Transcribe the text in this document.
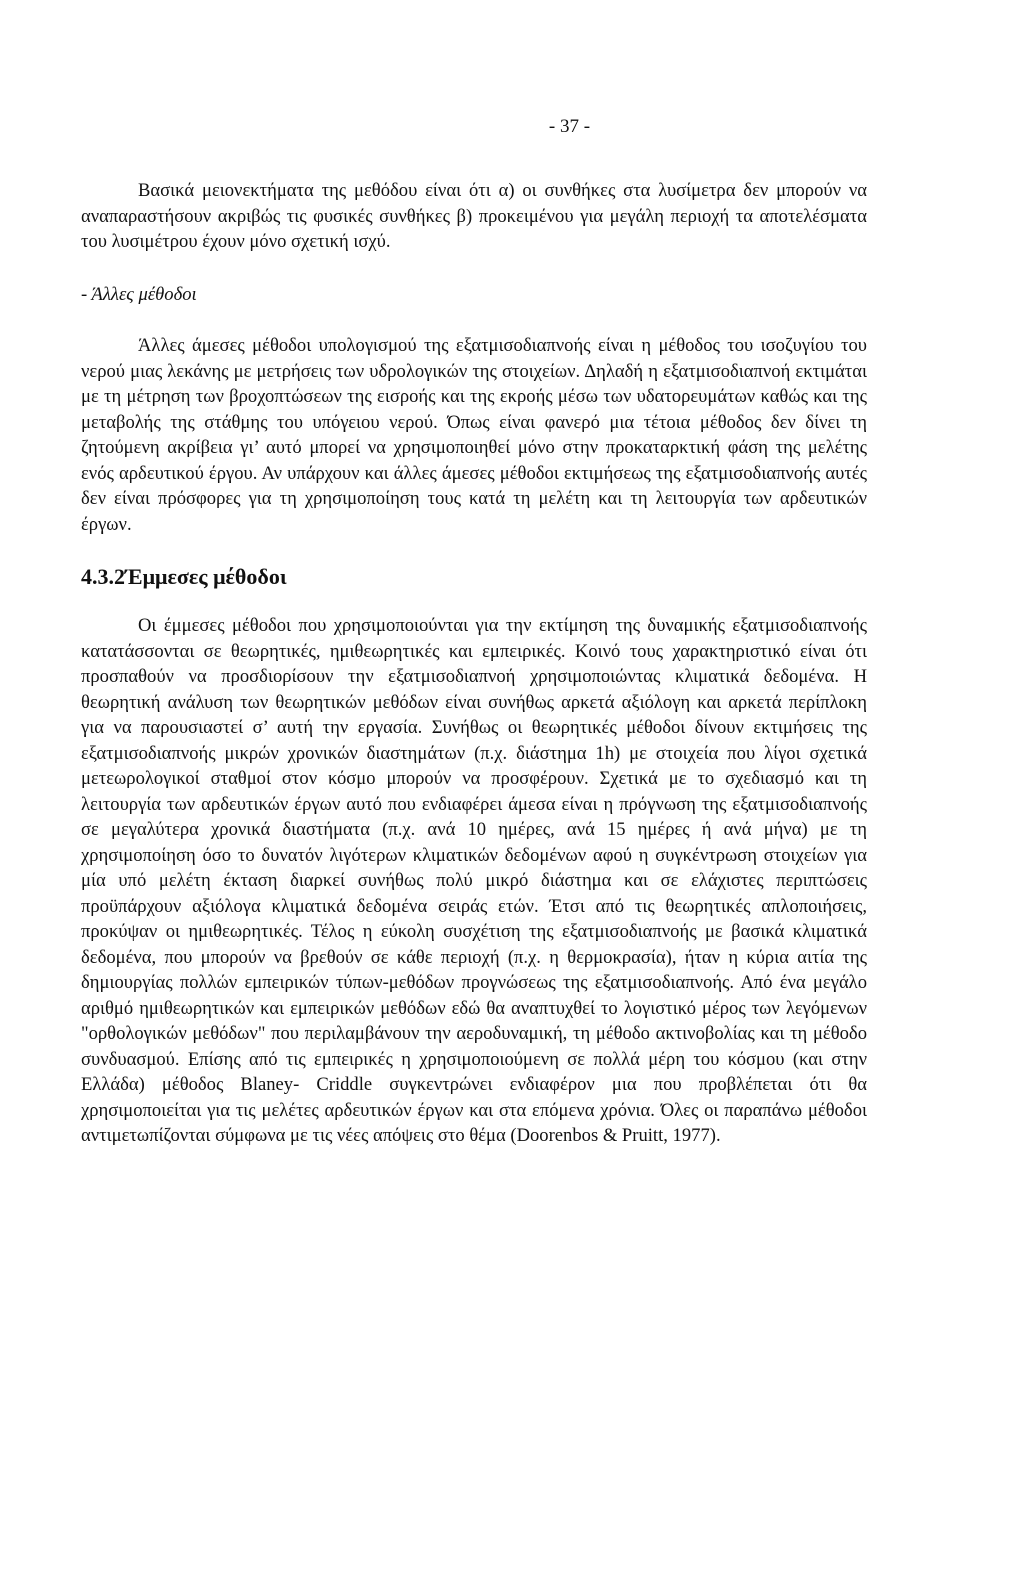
- 37 -

Βασικά μειονεκτήματα της μεθόδου είναι ότι α) οι συνθήκες στα λυσίμετρα δεν μπορούν να αναπαραστήσουν ακριβώς τις φυσικές συνθήκες β) προκειμένου για μεγάλη περιοχή τα αποτελέσματα του λυσιμέτρου έχουν μόνο σχετική ισχύ.

- Άλλες μέθοδοι

Άλλες άμεσες μέθοδοι υπολογισμού της εξατμισοδιαπνοής είναι η μέθοδος του ισοζυγίου του νερού μιας λεκάνης με μετρήσεις των υδρολογικών της στοιχείων. Δηλαδή η εξατμισοδιαπνοή εκτιμάται με τη μέτρηση των βροχοπτώσεων της εισροής και της εκροής μέσω των υδατορευμάτων καθώς και της μεταβολής της στάθμης του υπόγειου νερού. Όπως είναι φανερό μια τέτοια μέθοδος δεν δίνει τη ζητούμενη ακρίβεια γι’ αυτό μπορεί να χρησιμοποιηθεί μόνο στην προκαταρκτική φάση της μελέτης ενός αρδευτικού έργου. Αν υπάρχουν και άλλες άμεσες μέθοδοι εκτιμήσεως της εξατμισοδιαπνοής αυτές δεν είναι πρόσφορες για τη χρησιμοποίηση τους κατά τη μελέτη και τη λειτουργία των αρδευτικών έργων.

4.3.2Έμμεσες μέθοδοι

Οι έμμεσες μέθοδοι που χρησιμοποιούνται για την εκτίμηση της δυναμικής εξατμισοδιαπνοής κατατάσσονται σε θεωρητικές, ημιθεωρητικές και εμπειρικές. Κοινό τους χαρακτηριστικό είναι ότι προσπαθούν να προσδιορίσουν την εξατμισοδιαπνοή χρησιμοποιώντας κλιματικά δεδομένα. Η θεωρητική ανάλυση των θεωρητικών μεθόδων είναι συνήθως αρκετά αξιόλογη και αρκετά περίπλοκη για να παρουσιαστεί σ’ αυτή την εργασία. Συνήθως οι θεωρητικές μέθοδοι δίνουν εκτιμήσεις της εξατμισοδιαπνοής μικρών χρονικών διαστημάτων (π.χ. διάστημα 1h) με στοιχεία που λίγοι σχετικά μετεωρολογικοί σταθμοί στον κόσμο μπορούν να προσφέρουν. Σχετικά με το σχεδιασμό και τη λειτουργία των αρδευτικών έργων αυτό που ενδιαφέρει άμεσα είναι η πρόγνωση της εξατμισοδιαπνοής σε μεγαλύτερα χρονικά διαστήματα (π.χ. ανά 10 ημέρες, ανά 15 ημέρες ή ανά μήνα) με τη χρησιμοποίηση όσο το δυνατόν λιγότερων κλιματικών δεδομένων αφού η συγκέντρωση στοιχείων για μία υπό μελέτη έκταση διαρκεί συνήθως πολύ μικρό διάστημα και σε ελάχιστες περιπτώσεις προϋπάρχουν αξιόλογα κλιματικά δεδομένα σειράς ετών. Έτσι από τις θεωρητικές απλοποιήσεις, προκύψαν οι ημιθεωρητικές. Τέλος η εύκολη συσχέτιση της εξατμισοδιαπνοής με βασικά κλιματικά δεδομένα, που μπορούν να βρεθούν σε κάθε περιοχή (π.χ. η θερμοκρασία), ήταν η κύρια αιτία της δημιουργίας πολλών εμπειρικών τύπων-μεθόδων προγνώσεως της εξατμισοδιαπνοής. Από ένα μεγάλο αριθμό ημιθεωρητικών και εμπειρικών μεθόδων εδώ θα αναπτυχθεί το λογιστικό μέρος των λεγόμενων "ορθολογικών μεθόδων" που περιλαμβάνουν την αεροδυναμική, τη μέθοδο ακτινοβολίας και τη μέθοδο συνδυασμού. Επίσης από τις εμπειρικές η χρησιμοποιούμενη σε πολλά μέρη του κόσμου (και στην Ελλάδα) μέθοδος Blaney- Criddle συγκεντρώνει ενδιαφέρον μια που προβλέπεται ότι θα χρησιμοποιείται για τις μελέτες αρδευτικών έργων και στα επόμενα χρόνια. Όλες οι παραπάνω μέθοδοι αντιμετωπίζονται σύμφωνα με τις νέες απόψεις στο θέμα (Doorenbos & Pruitt, 1977).
